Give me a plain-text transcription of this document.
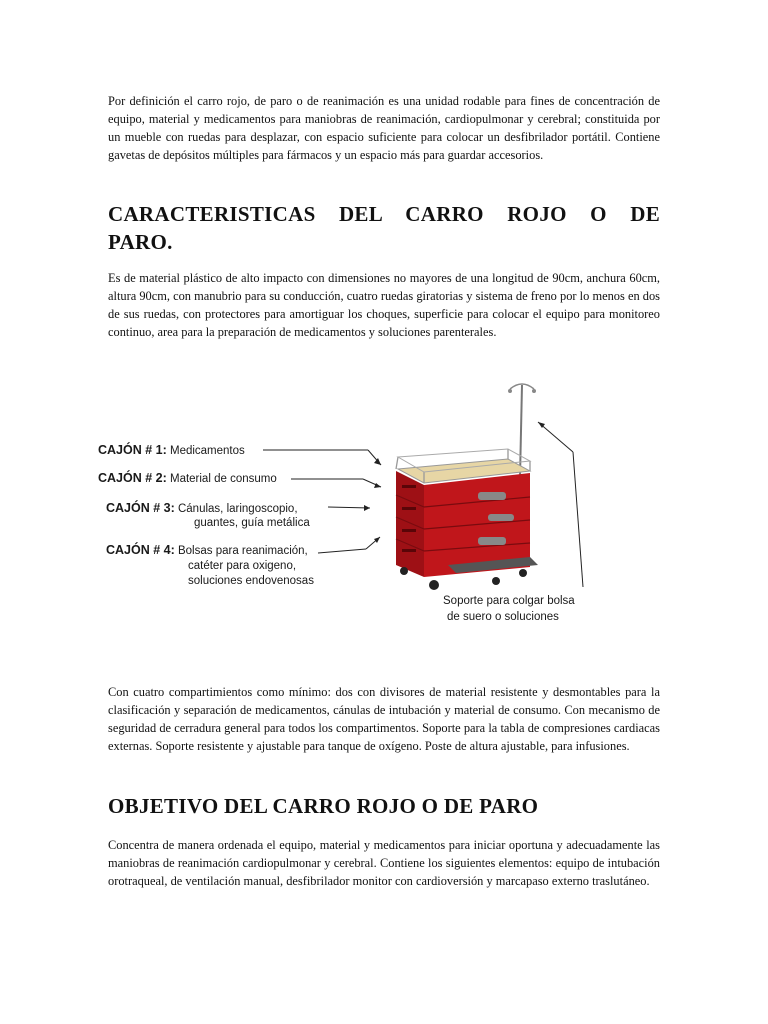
Por definición el carro rojo, de paro o de reanimación es una unidad rodable para fines de concentración de equipo, material y medicamentos para maniobras de reanimación, cardiopulmonar y cerebral; constituida por un mueble con ruedas para desplazar, con espacio suficiente para colocar un desfibrilador portátil. Contiene gavetas de depósitos múltiples para fármacos y un espacio más para guardar accesorios.

CARACTERISTICAS DEL CARRO ROJO O DE PARO.

Es de material plástico de alto impacto con dimensiones no mayores de una longitud de 90cm, anchura 60cm, altura 90cm, con manubrio para su conducción, cuatro ruedas giratorias y sistema de freno por lo menos en dos de sus ruedas, con protectores para amortiguar los choques, superficie para colocar el equipo para monitoreo continuo, area para la preparación de medicamentos y soluciones parenterales.

CAJÓN # 1: Medicamentos
CAJÓN # 2: Material de consumo
CAJÓN # 3: Cánulas, laringoscopio,
guantes, guía metálica
CAJÓN # 4: Bolsas para reanimación,
catéter para oxigeno,
soluciones endovenosas
Soporte para colgar bolsa
de suero o soluciones

Con cuatro compartimientos como mínimo: dos con divisores de material resistente y desmontables para la clasificación y separación de medicamentos, cánulas de intubación y material de consumo. Con mecanismo de seguridad de cerradura general para todos los compartimentos. Soporte para la tabla de compresiones cardiacas externas. Soporte resistente y ajustable para tanque de oxígeno. Poste de altura ajustable, para infusiones.

OBJETIVO DEL CARRO ROJO O DE PARO

Concentra de manera ordenada el equipo, material y medicamentos para iniciar oportuna y adecuadamente las maniobras de reanimación cardiopulmonar y cerebral. Contiene los siguientes elementos: equipo de intubación orotraqueal, de ventilación manual, desfibrilador monitor con cardioversión y marcapaso externo traslutáneo.
